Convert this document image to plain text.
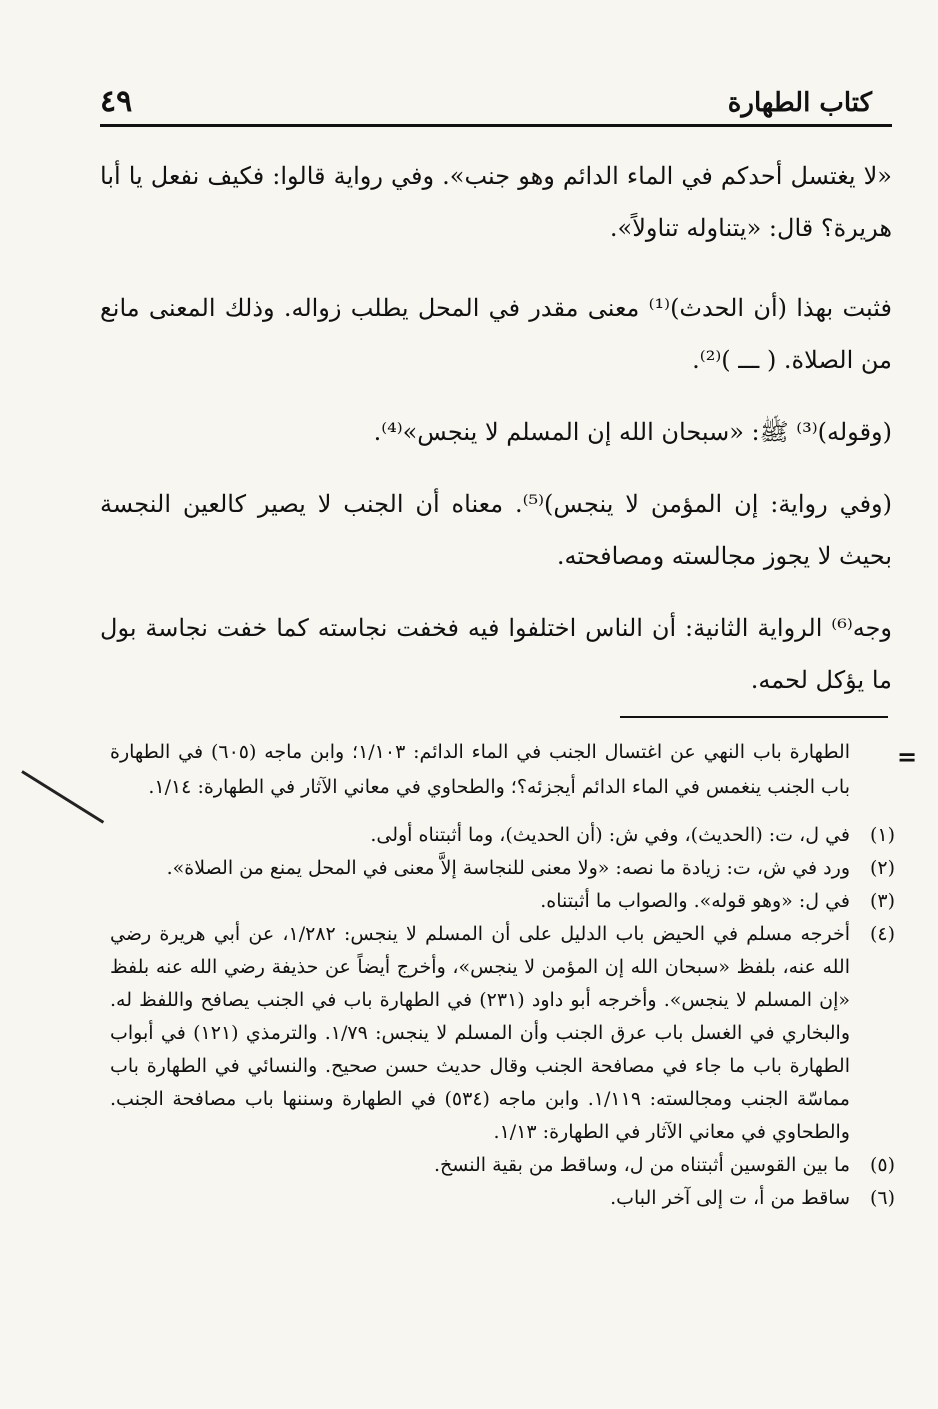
كتاب الطهارة
٤٩

«لا يغتسل أحدكم في الماء الدائم وهو جنب». وفي رواية قالوا: فكيف نفعل يا أبا هريرة؟ قال: «يتناوله تناولاً».

فثبت بهذا (أن الحدث)⁽¹⁾ معنى مقدر في المحل يطلب زواله. وذلك المعنى مانع من الصلاة. ( ـــ )⁽²⁾.

(وقوله)⁽³⁾ ﷺ: «سبحان الله إن المسلم لا ينجس»⁽⁴⁾.

(وفي رواية: إن المؤمن لا ينجس)⁽⁵⁾. معناه أن الجنب لا يصير كالعين النجسة بحيث لا يجوز مجالسته ومصافحته.

وجه⁽⁶⁾ الرواية الثانية: أن الناس اختلفوا فيه فخفت نجاسته كما خفت نجاسة بول ما يؤكل لحمه.

=
الطهارة باب النهي عن اغتسال الجنب في الماء الدائم: ١/١٠٣؛ وابن ماجه (٦٠٥) في الطهارة باب الجنب ينغمس في الماء الدائم أيجزئه؟؛ والطحاوي في معاني الآثار في الطهارة: ١/١٤.
(١)
في ل، ت: (الحديث)، وفي ش: (أن الحديث)، وما أثبتناه أولى.
(٢)
ورد في ش، ت: زيادة ما نصه: «ولا معنى للنجاسة إلاَّ معنى في المحل يمنع من الصلاة».
(٣)
في ل: «وهو قوله». والصواب ما أثبتناه.
(٤)
أخرجه مسلم في الحيض باب الدليل على أن المسلم لا ينجس: ١/٢٨٢، عن أبي هريرة رضي الله عنه، بلفظ «سبحان الله إن المؤمن لا ينجس»، وأخرج أيضاً عن حذيفة رضي الله عنه بلفظ «إن المسلم لا ينجس». وأخرجه أبو داود (٢٣١) في الطهارة باب في الجنب يصافح واللفظ له. والبخاري في الغسل باب عرق الجنب وأن المسلم لا ينجس: ١/٧٩. والترمذي (١٢١) في أبواب الطهارة باب ما جاء في مصافحة الجنب وقال حديث حسن صحيح. والنسائي في الطهارة باب مماسّة الجنب ومجالسته: ١/١١٩. وابن ماجه (٥٣٤) في الطهارة وسننها باب مصافحة الجنب. والطحاوي في معاني الآثار في الطهارة: ١/١٣.
(٥)
ما بين القوسين أثبتناه من ل، وساقط من بقية النسخ.
(٦)
ساقط من أ، ت إلى آخر الباب.
